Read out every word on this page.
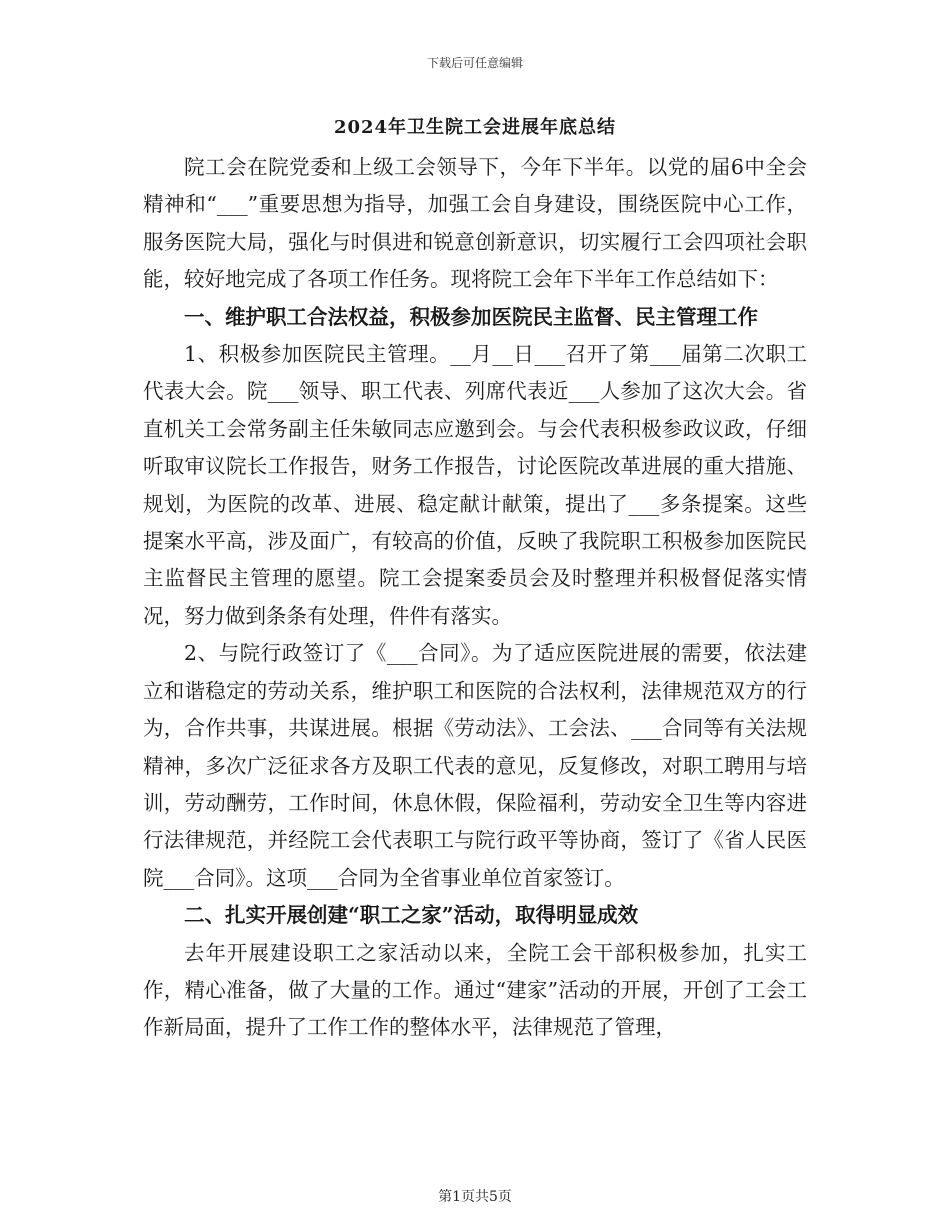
下载后可任意编辑
2024年卫生院工会进展年底总结

院工会在院党委和上级工会领导下，今年下半年。以党的届6中全会精神和“___”重要思想为指导，加强工会自身建设，围绕医院中心工作，服务医院大局，强化与时俱进和锐意创新意识，切实履行工会四项社会职能，较好地完成了各项工作任务。现将院工会年下半年工作总结如下：

一、维护职工合法权益，积极参加医院民主监督、民主管理工作

1、积极参加医院民主管理。__月__日___召开了第___届第二次职工代表大会。院___领导、职工代表、列席代表近___人参加了这次大会。省直机关工会常务副主任朱敏同志应邀到会。与会代表积极参政议政，仔细听取审议院长工作报告，财务工作报告，讨论医院改革进展的重大措施、规划，为医院的改革、进展、稳定献计献策，提出了___多条提案。这些提案水平高，涉及面广，有较高的价值，反映了我院职工积极参加医院民主监督民主管理的愿望。院工会提案委员会及时整理并积极督促落实情况，努力做到条条有处理，件件有落实。

2、与院行政签订了《___合同》。为了适应医院进展的需要，依法建立和谐稳定的劳动关系，维护职工和医院的合法权利，法律规范双方的行为，合作共事，共谋进展。根据《劳动法》、工会法、___合同等有关法规精神，多次广泛征求各方及职工代表的意见，反复修改，对职工聘用与培训，劳动酬劳，工作时间，休息休假，保险福利，劳动安全卫生等内容进行法律规范，并经院工会代表职工与院行政平等协商，签订了《省人民医院___合同》。这项___合同为全省事业单位首家签订。

二、扎实开展创建“职工之家”活动，取得明显成效

去年开展建设职工之家活动以来，全院工会干部积极参加，扎实工作，精心准备，做了大量的工作。通过“建家”活动的开展，开创了工会工作新局面，提升了工作工作的整体水平，法律规范了管理，

第1页共5页
